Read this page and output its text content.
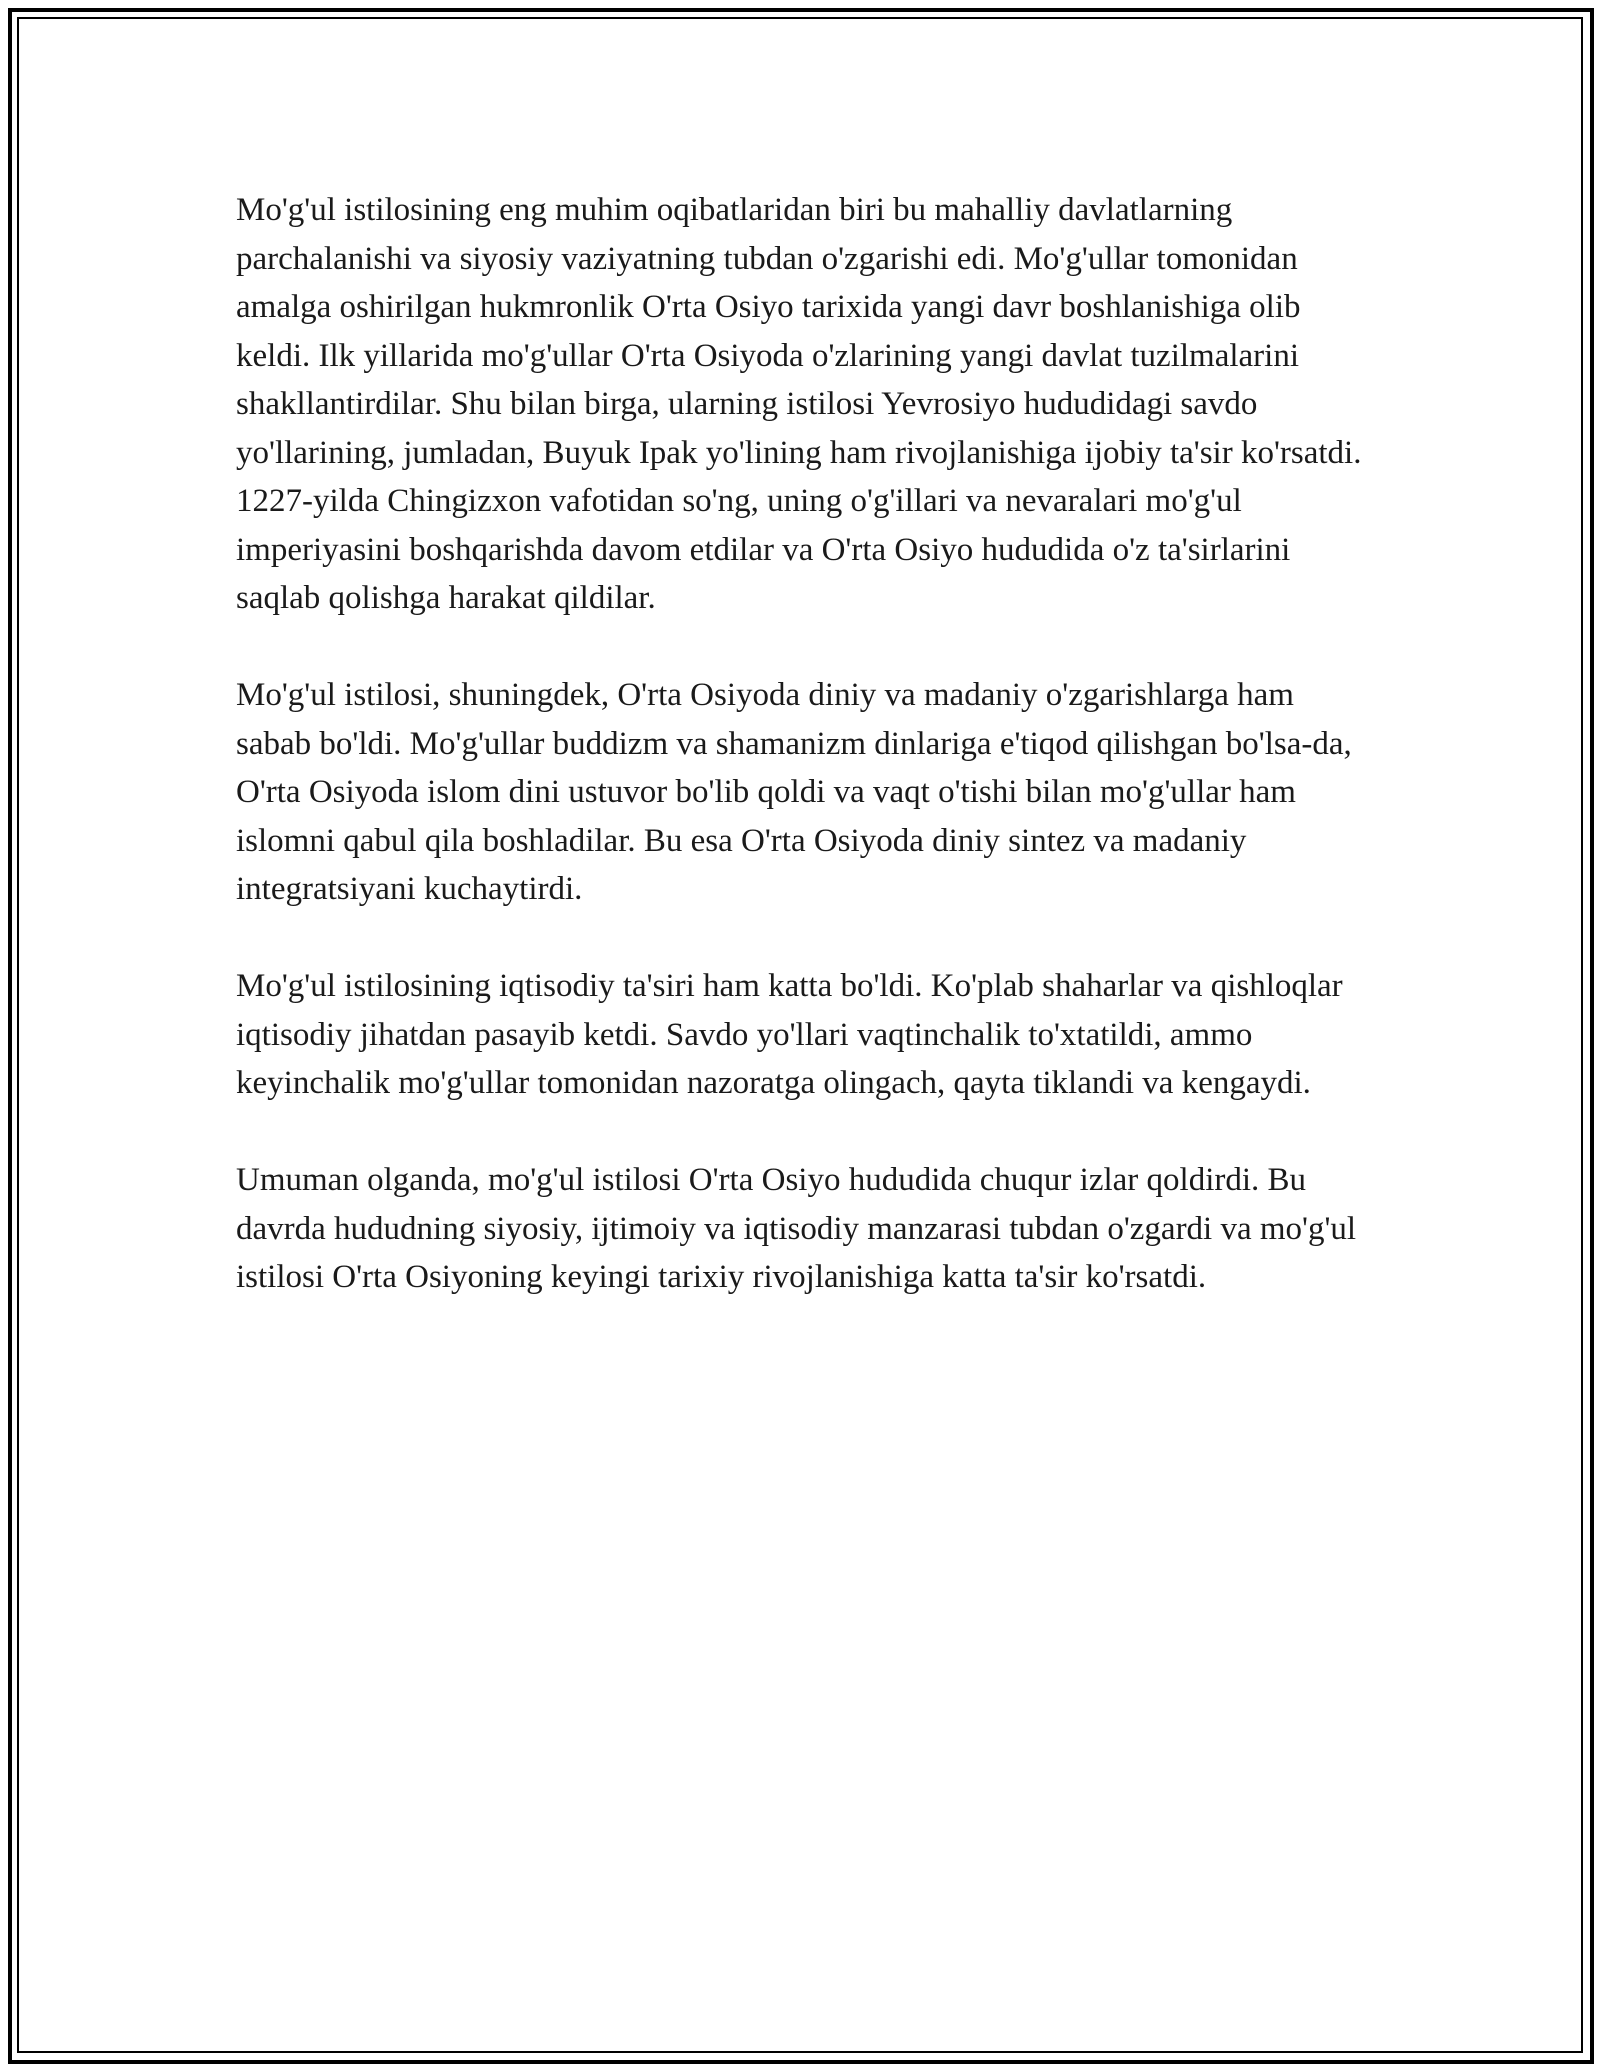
Mo'g'ul istilosining eng muhim oqibatlaridan biri bu mahalliy davlatlarning parchalanishi va siyosiy vaziyatning tubdan o'zgarishi edi. Mo'g'ullar tomonidan amalga oshirilgan hukmronlik O'rta Osiyo tarixida yangi davr boshlanishiga olib keldi. Ilk yillarida mo'g'ullar O'rta Osiyoda o'zlarining yangi davlat tuzilmalarini shakllantirdilar. Shu bilan birga, ularning istilosi Yevrosiyo hududidagi savdo yo'llarining, jumladan, Buyuk Ipak yo'lining ham rivojlanishiga ijobiy ta'sir ko'rsatdi. 1227-yilda Chingizxon vafotidan so'ng, uning o'g'illari va nevaralari mo'g'ul imperiyasini boshqarishda davom etdilar va O'rta Osiyo hududida o'z ta'sirlarini saqlab qolishga harakat qildilar.

Mo'g'ul istilosi, shuningdek, O'rta Osiyoda diniy va madaniy o'zgarishlarga ham sabab bo'ldi. Mo'g'ullar buddizm va shamanizm dinlariga e'tiqod qilishgan bo'lsa-da, O'rta Osiyoda islom dini ustuvor bo'lib qoldi va vaqt o'tishi bilan mo'g'ullar ham islomni qabul qila boshladilar. Bu esa O'rta Osiyoda diniy sintez va madaniy integratsiyani kuchaytirdi.

Mo'g'ul istilosining iqtisodiy ta'siri ham katta bo'ldi. Ko'plab shaharlar va qishloqlar iqtisodiy jihatdan pasayib ketdi. Savdo yo'llari vaqtinchalik to'xtatildi, ammo keyinchalik mo'g'ullar tomonidan nazoratga olingach, qayta tiklandi va kengaydi.

Umuman olganda, mo'g'ul istilosi O'rta Osiyo hududida chuqur izlar qoldirdi. Bu davrda hududning siyosiy, ijtimoiy va iqtisodiy manzarasi tubdan o'zgardi va mo'g'ul istilosi O'rta Osiyoning keyingi tarixiy rivojlanishiga katta ta'sir ko'rsatdi.
